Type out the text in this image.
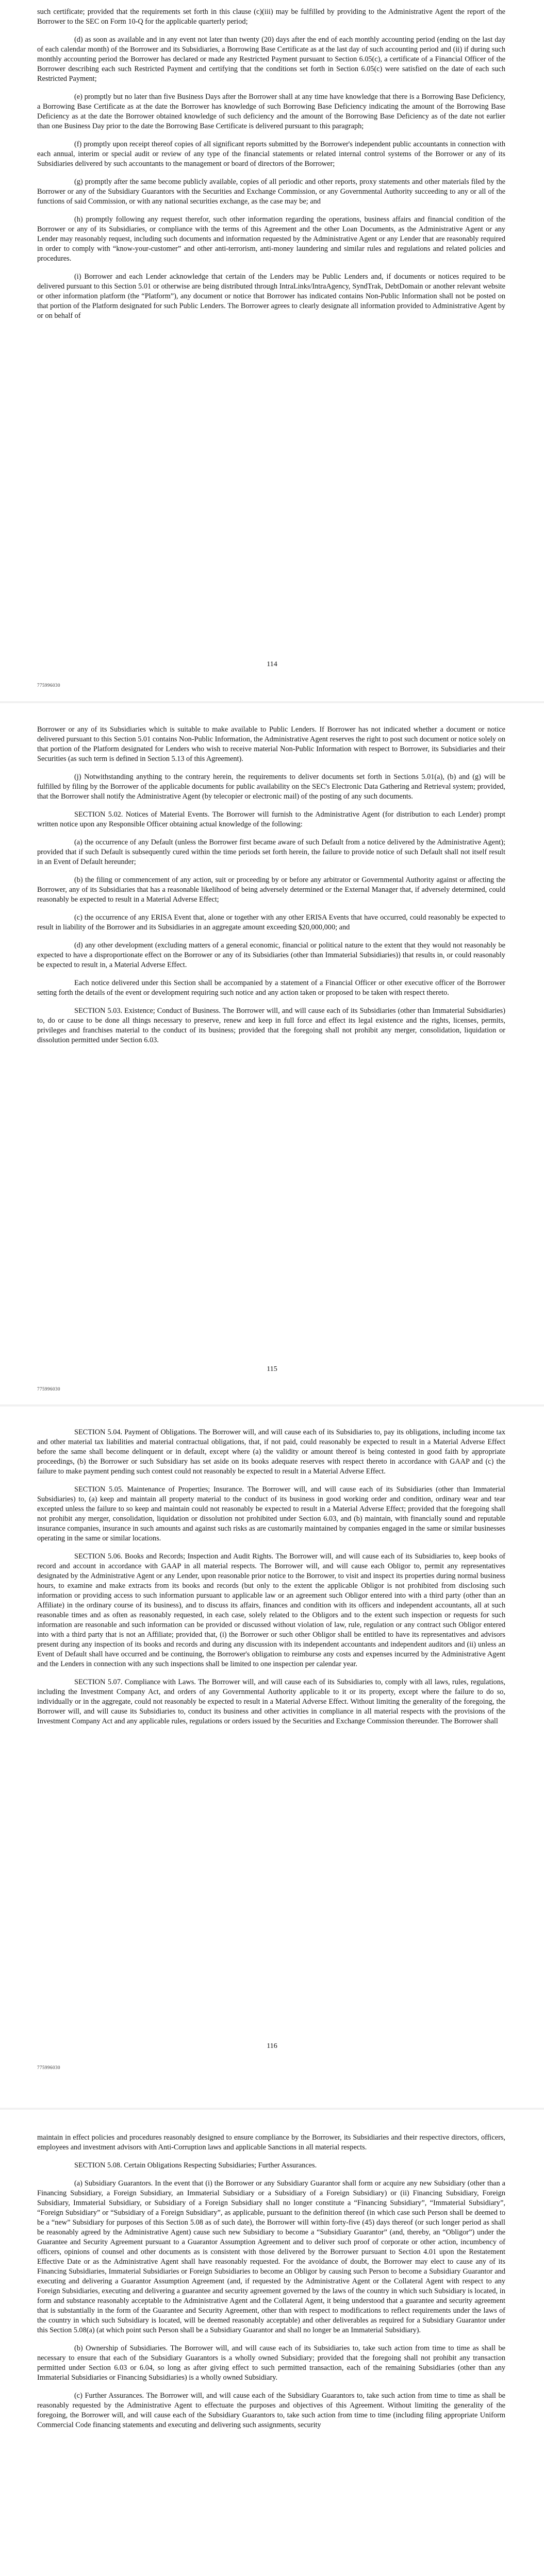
such certificate; provided that the requirements set forth in this clause (c)(iii) may be fulfilled by providing to the Administrative Agent the report of the Borrower to the SEC on Form 10-Q for the applicable quarterly period;

(d) as soon as available and in any event not later than twenty (20) days after the end of each monthly accounting period (ending on the last day of each calendar month) of the Borrower and its Subsidiaries, a Borrowing Base Certificate as at the last day of such accounting period and (ii) if during such monthly accounting period the Borrower has declared or made any Restricted Payment pursuant to Section 6.05(c), a certificate of a Financial Officer of the Borrower describing each such Restricted Payment and certifying that the conditions set forth in Section 6.05(c) were satisfied on the date of each such Restricted Payment;

(e) promptly but no later than five Business Days after the Borrower shall at any time have knowledge that there is a Borrowing Base Deficiency, a Borrowing Base Certificate as at the date the Borrower has knowledge of such Borrowing Base Deficiency indicating the amount of the Borrowing Base Deficiency as at the date the Borrower obtained knowledge of such deficiency and the amount of the Borrowing Base Deficiency as of the date not earlier than one Business Day prior to the date the Borrowing Base Certificate is delivered pursuant to this paragraph;

(f) promptly upon receipt thereof copies of all significant reports submitted by the Borrower's independent public accountants in connection with each annual, interim or special audit or review of any type of the financial statements or related internal control systems of the Borrower or any of its Subsidiaries delivered by such accountants to the management or board of directors of the Borrower;

(g) promptly after the same become publicly available, copies of all periodic and other reports, proxy statements and other materials filed by the Borrower or any of the Subsidiary Guarantors with the Securities and Exchange Commission, or any Governmental Authority succeeding to any or all of the functions of said Commission, or with any national securities exchange, as the case may be; and

(h) promptly following any request therefor, such other information regarding the operations, business affairs and financial condition of the Borrower or any of its Subsidiaries, or compliance with the terms of this Agreement and the other Loan Documents, as the Administrative Agent or any Lender may reasonably request, including such documents and information requested by the Administrative Agent or any Lender that are reasonably required in order to comply with “know-your-customer” and other anti-terrorism, anti-money laundering and similar rules and regulations and related policies and procedures.

(i) Borrower and each Lender acknowledge that certain of the Lenders may be Public Lenders and, if documents or notices required to be delivered pursuant to this Section 5.01 or otherwise are being distributed through IntraLinks/IntraAgency, SyndTrak, DebtDomain or another relevant website or other information platform (the “Platform”), any document or notice that Borrower has indicated contains Non-Public Information shall not be posted on that portion of the Platform designated for such Public Lenders. The Borrower agrees to clearly designate all information provided to Administrative Agent by or on behalf of

114
775996030

Borrower or any of its Subsidiaries which is suitable to make available to Public Lenders. If Borrower has not indicated whether a document or notice delivered pursuant to this Section 5.01 contains Non-Public Information, the Administrative Agent reserves the right to post such document or notice solely on that portion of the Platform designated for Lenders who wish to receive material Non-Public Information with respect to Borrower, its Subsidiaries and their Securities (as such term is defined in Section 5.13 of this Agreement).

(j) Notwithstanding anything to the contrary herein, the requirements to deliver documents set forth in Sections 5.01(a), (b) and (g) will be fulfilled by filing by the Borrower of the applicable documents for public availability on the SEC's Electronic Data Gathering and Retrieval system; provided, that the Borrower shall notify the Administrative Agent (by telecopier or electronic mail) of the posting of any such documents.

SECTION 5.02. Notices of Material Events. The Borrower will furnish to the Administrative Agent (for distribution to each Lender) prompt written notice upon any Responsible Officer obtaining actual knowledge of the following:

(a) the occurrence of any Default (unless the Borrower first became aware of such Default from a notice delivered by the Administrative Agent); provided that if such Default is subsequently cured within the time periods set forth herein, the failure to provide notice of such Default shall not itself result in an Event of Default hereunder;

(b) the filing or commencement of any action, suit or proceeding by or before any arbitrator or Governmental Authority against or affecting the Borrower, any of its Subsidiaries that has a reasonable likelihood of being adversely determined or the External Manager that, if adversely determined, could reasonably be expected to result in a Material Adverse Effect;

(c) the occurrence of any ERISA Event that, alone or together with any other ERISA Events that have occurred, could reasonably be expected to result in liability of the Borrower and its Subsidiaries in an aggregate amount exceeding $20,000,000; and

(d) any other development (excluding matters of a general economic, financial or political nature to the extent that they would not reasonably be expected to have a disproportionate effect on the Borrower or any of its Subsidiaries (other than Immaterial Subsidiaries)) that results in, or could reasonably be expected to result in, a Material Adverse Effect.

Each notice delivered under this Section shall be accompanied by a statement of a Financial Officer or other executive officer of the Borrower setting forth the details of the event or development requiring such notice and any action taken or proposed to be taken with respect thereto.

SECTION 5.03. Existence; Conduct of Business. The Borrower will, and will cause each of its Subsidiaries (other than Immaterial Subsidiaries) to, do or cause to be done all things necessary to preserve, renew and keep in full force and effect its legal existence and the rights, licenses, permits, privileges and franchises material to the conduct of its business; provided that the foregoing shall not prohibit any merger, consolidation, liquidation or dissolution permitted under Section 6.03.

115
775996030

SECTION 5.04. Payment of Obligations. The Borrower will, and will cause each of its Subsidiaries to, pay its obligations, including income tax and other material tax liabilities and material contractual obligations, that, if not paid, could reasonably be expected to result in a Material Adverse Effect before the same shall become delinquent or in default, except where (a) the validity or amount thereof is being contested in good faith by appropriate proceedings, (b) the Borrower or such Subsidiary has set aside on its books adequate reserves with respect thereto in accordance with GAAP and (c) the failure to make payment pending such contest could not reasonably be expected to result in a Material Adverse Effect.

SECTION 5.05. Maintenance of Properties; Insurance. The Borrower will, and will cause each of its Subsidiaries (other than Immaterial Subsidiaries) to, (a) keep and maintain all property material to the conduct of its business in good working order and condition, ordinary wear and tear excepted unless the failure to so keep and maintain could not reasonably be expected to result in a Material Adverse Effect; provided that the foregoing shall not prohibit any merger, consolidation, liquidation or dissolution not prohibited under Section 6.03, and (b) maintain, with financially sound and reputable insurance companies, insurance in such amounts and against such risks as are customarily maintained by companies engaged in the same or similar businesses operating in the same or similar locations.

SECTION 5.06. Books and Records; Inspection and Audit Rights. The Borrower will, and will cause each of its Subsidiaries to, keep books of record and account in accordance with GAAP in all material respects. The Borrower will, and will cause each Obligor to, permit any representatives designated by the Administrative Agent or any Lender, upon reasonable prior notice to the Borrower, to visit and inspect its properties during normal business hours, to examine and make extracts from its books and records (but only to the extent the applicable Obligor is not prohibited from disclosing such information or providing access to such information pursuant to applicable law or an agreement such Obligor entered into with a third party (other than an Affiliate) in the ordinary course of its business), and to discuss its affairs, finances and condition with its officers and independent accountants, all at such reasonable times and as often as reasonably requested, in each case, solely related to the Obligors and to the extent such inspection or requests for such information are reasonable and such information can be provided or discussed without violation of law, rule, regulation or any contract such Obligor entered into with a third party that is not an Affiliate; provided that, (i) the Borrower or such other Obligor shall be entitled to have its representatives and advisors present during any inspection of its books and records and during any discussion with its independent accountants and independent auditors and (ii) unless an Event of Default shall have occurred and be continuing, the Borrower's obligation to reimburse any costs and expenses incurred by the Administrative Agent and the Lenders in connection with any such inspections shall be limited to one inspection per calendar year.

SECTION 5.07. Compliance with Laws. The Borrower will, and will cause each of its Subsidiaries to, comply with all laws, rules, regulations, including the Investment Company Act, and orders of any Governmental Authority applicable to it or its property, except where the failure to do so, individually or in the aggregate, could not reasonably be expected to result in a Material Adverse Effect. Without limiting the generality of the foregoing, the Borrower will, and will cause its Subsidiaries to, conduct its business and other activities in compliance in all material respects with the provisions of the Investment Company Act and any applicable rules, regulations or orders issued by the Securities and Exchange Commission thereunder. The Borrower shall

116
775996030

maintain in effect policies and procedures reasonably designed to ensure compliance by the Borrower, its Subsidiaries and their respective directors, officers, employees and investment advisors with Anti-Corruption laws and applicable Sanctions in all material respects.

SECTION 5.08. Certain Obligations Respecting Subsidiaries; Further Assurances.

(a) Subsidiary Guarantors. In the event that (i) the Borrower or any Subsidiary Guarantor shall form or acquire any new Subsidiary (other than a Financing Subsidiary, a Foreign Subsidiary, an Immaterial Subsidiary or a Subsidiary of a Foreign Subsidiary) or (ii) Financing Subsidiary, Foreign Subsidiary, Immaterial Subsidiary, or Subsidiary of a Foreign Subsidiary shall no longer constitute a “Financing Subsidiary”, “Immaterial Subsidiary”, “Foreign Subsidiary” or “Subsidiary of a Foreign Subsidiary”, as applicable, pursuant to the definition thereof (in which case such Person shall be deemed to be a “new” Subsidiary for purposes of this Section 5.08 as of such date), the Borrower will within forty-five (45) days thereof (or such longer period as shall be reasonably agreed by the Administrative Agent) cause such new Subsidiary to become a “Subsidiary Guarantor” (and, thereby, an “Obligor”) under the Guarantee and Security Agreement pursuant to a Guarantor Assumption Agreement and to deliver such proof of corporate or other action, incumbency of officers, opinions of counsel and other documents as is consistent with those delivered by the Borrower pursuant to Section 4.01 upon the Restatement Effective Date or as the Administrative Agent shall have reasonably requested. For the avoidance of doubt, the Borrower may elect to cause any of its Financing Subsidiaries, Immaterial Subsidiaries or Foreign Subsidiaries to become an Obligor by causing such Person to become a Subsidiary Guarantor and executing and delivering a Guarantor Assumption Agreement (and, if requested by the Administrative Agent or the Collateral Agent with respect to any Foreign Subsidiaries, executing and delivering a guarantee and security agreement governed by the laws of the country in which such Subsidiary is located, in form and substance reasonably acceptable to the Administrative Agent and the Collateral Agent, it being understood that a guarantee and security agreement that is substantially in the form of the Guarantee and Security Agreement, other than with respect to modifications to reflect requirements under the laws of the country in which such Subsidiary is located, will be deemed reasonably acceptable) and other deliverables as required for a Subsidiary Guarantor under this Section 5.08(a) (at which point such Person shall be a Subsidiary Guarantor and shall no longer be an Immaterial Subsidiary).

(b) Ownership of Subsidiaries. The Borrower will, and will cause each of its Subsidiaries to, take such action from time to time as shall be necessary to ensure that each of the Subsidiary Guarantors is a wholly owned Subsidiary; provided that the foregoing shall not prohibit any transaction permitted under Section 6.03 or 6.04, so long as after giving effect to such permitted transaction, each of the remaining Subsidiaries (other than any Immaterial Subsidiaries or Financing Subsidiaries) is a wholly owned Subsidiary.

(c) Further Assurances. The Borrower will, and will cause each of the Subsidiary Guarantors to, take such action from time to time as shall be reasonably requested by the Administrative Agent to effectuate the purposes and objectives of this Agreement. Without limiting the generality of the foregoing, the Borrower will, and will cause each of the Subsidiary Guarantors to, take such action from time to time (including filing appropriate Uniform Commercial Code financing statements and executing and delivering such assignments, security
